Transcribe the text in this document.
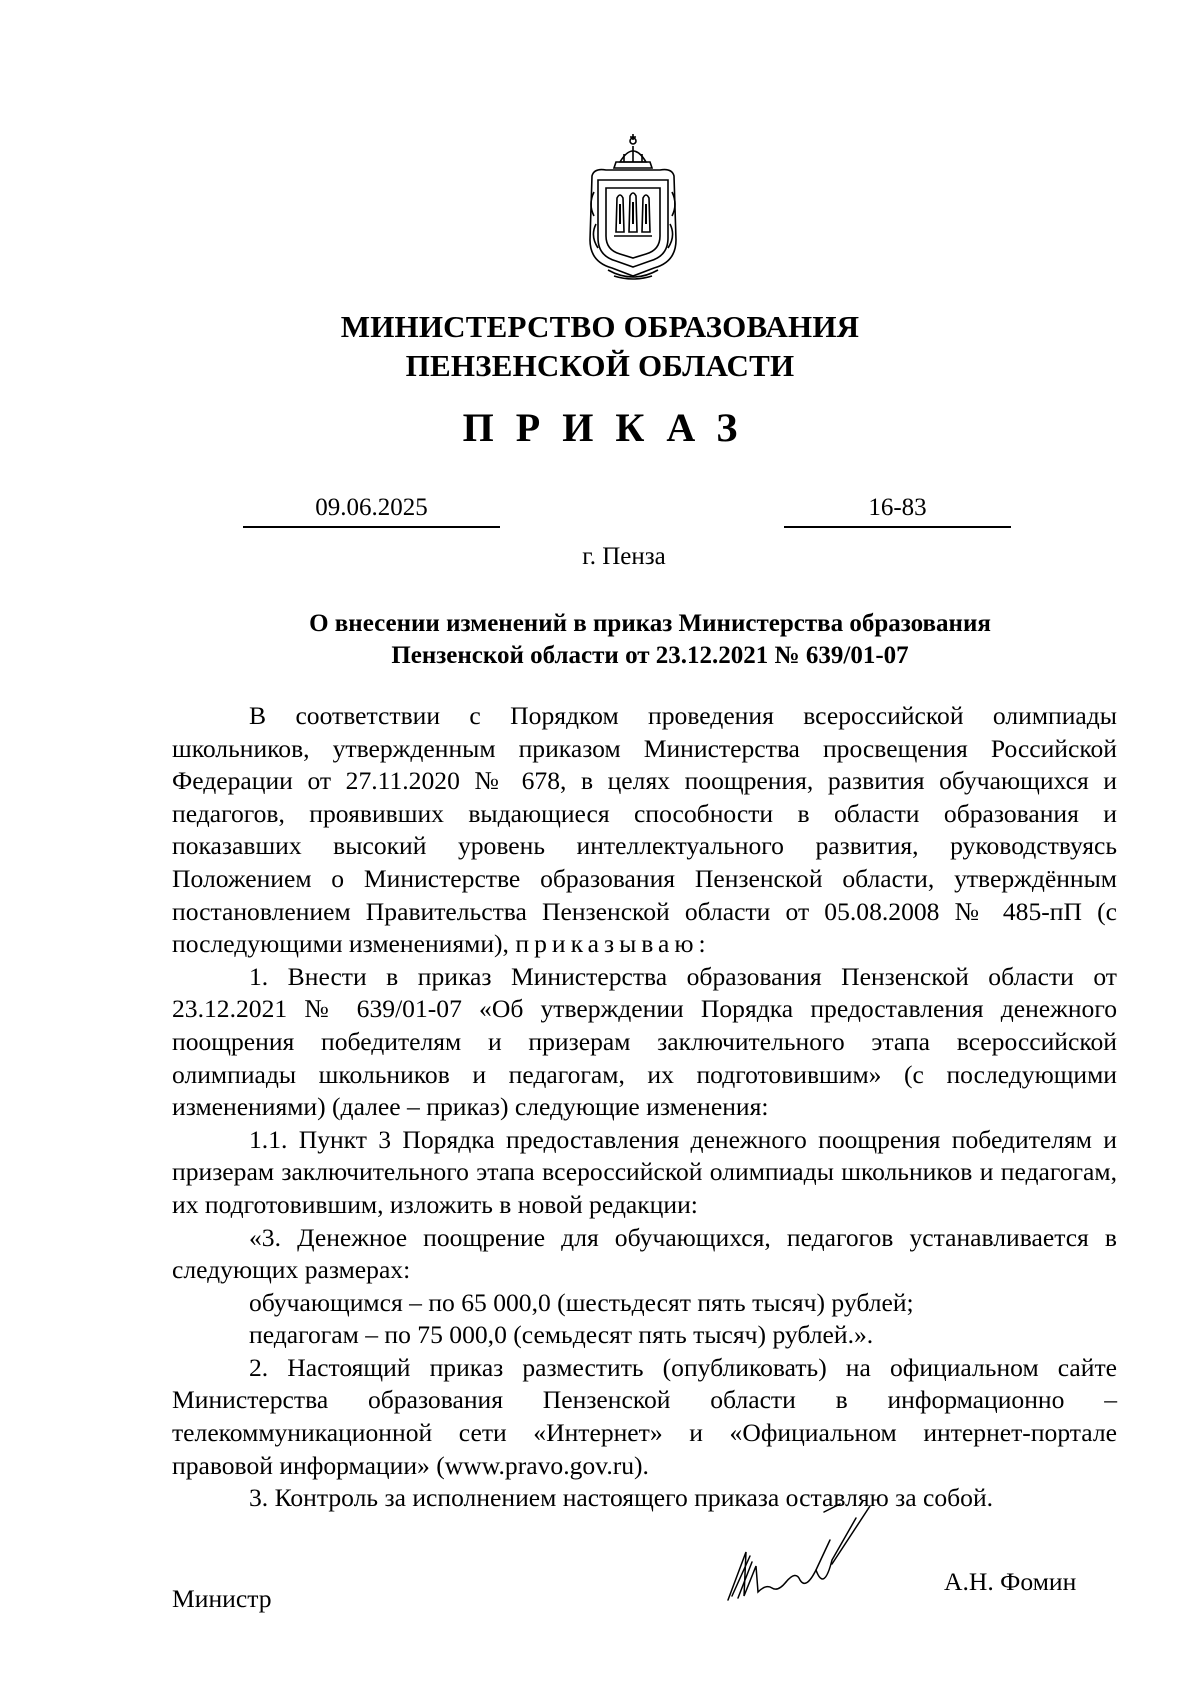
МИНИСТЕРСТВО ОБРАЗОВАНИЯ
ПЕНЗЕНСКОЙ ОБЛАСТИ
ПРИКАЗ
09.06.2025	16-83
г. Пенза
О внесении изменений в приказ Министерства образования
Пензенской области от 23.12.2021 № 639/01-07

В соответствии с Порядком проведения всероссийской олимпиады школьников, утвержденным приказом Министерства просвещения Российской Федерации от 27.11.2020 № 678, в целях поощрения, развития обучающихся и педагогов, проявивших выдающиеся способности в области образования и показавших высокий уровень интеллектуального развития, руководствуясь Положением о Министерстве образования Пензенской области, утверждённым постановлением Правительства Пензенской области от 05.08.2008 № 485-пП (с последующими изменениями), приказываю:

1. Внести в приказ Министерства образования Пензенской области от 23.12.2021 № 639/01-07 «Об утверждении Порядка предоставления денежного поощрения победителям и призерам заключительного этапа всероссийской олимпиады школьников и педагогам, их подготовившим» (с последующими изменениями) (далее – приказ) следующие изменения:

1.1. Пункт 3 Порядка предоставления денежного поощрения победителям и призерам заключительного этапа всероссийской олимпиады школьников и педагогам, их подготовившим, изложить в новой редакции:

«3. Денежное поощрение для обучающихся, педагогов устанавливается в следующих размерах:

обучающимся – по 65 000,0 (шестьдесят пять тысяч) рублей;

педагогам – по 75 000,0 (семьдесят пять тысяч) рублей.».

2. Настоящий приказ разместить (опубликовать) на официальном сайте Министерства образования Пензенской области в информационно – телекоммуникационной сети «Интернет» и «Официальном интернет-портале правовой информации» (www.pravo.gov.ru).

3. Контроль за исполнением настоящего приказа оставляю за собой.

Министр
А.Н. Фомин
